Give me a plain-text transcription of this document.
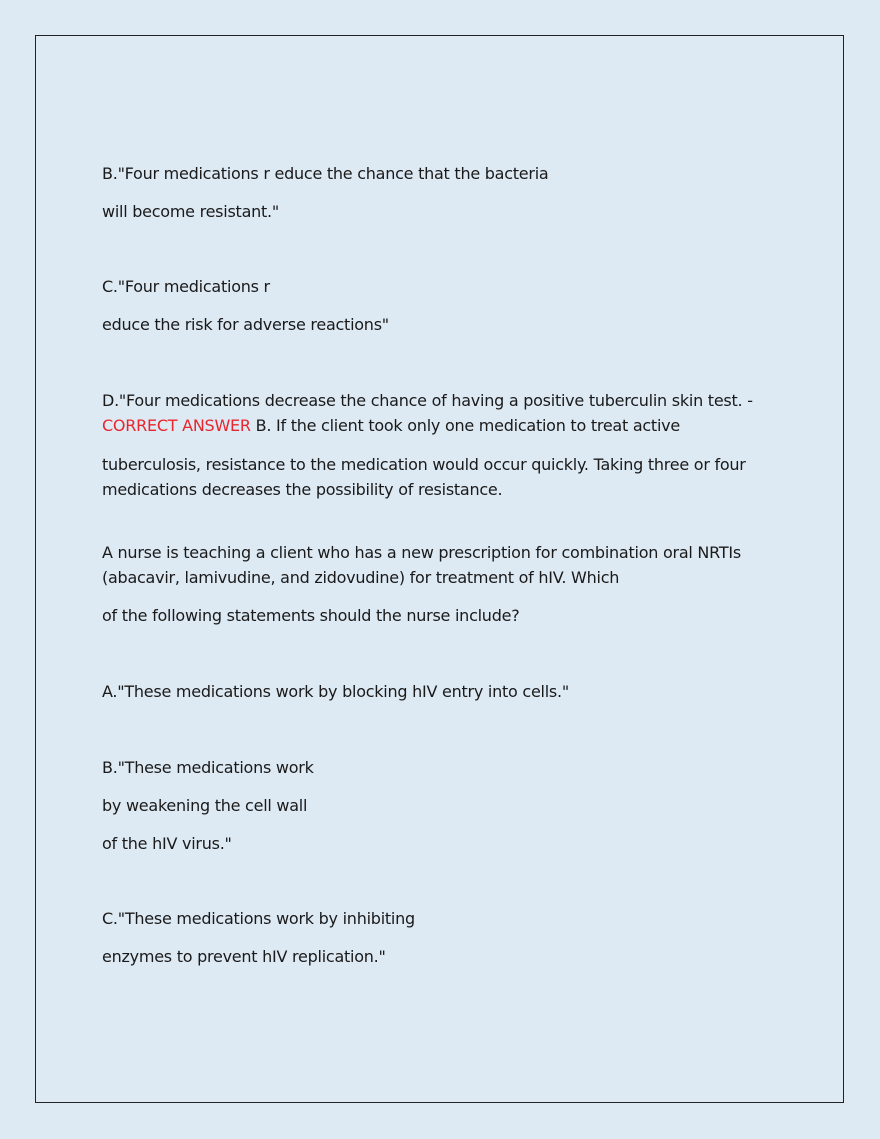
B."Four medications r educe the chance that the bacteria
will become resistant."
C."Four medications r
educe the risk for adverse reactions"
D."Four medications decrease the chance of having a positive tuberculin skin test. -
CORRECT ANSWER B. If the client took only one medication to treat active
tuberculosis, resistance to the medication would occur quickly. Taking three or four
medications decreases the possibility of resistance.
A nurse is teaching a client who has a new prescription for combination oral NRTIs
(abacavir, lamivudine, and zidovudine) for treatment of hIV. Which
of the following statements should the nurse include?
A."These medications work by blocking hIV entry into cells."
B."These medications work
by weakening the cell wall
of the hIV virus."
C."These medications work by inhibiting
enzymes to prevent hIV replication."
